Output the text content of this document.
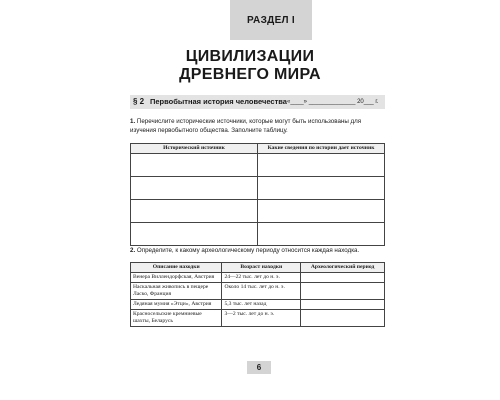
РАЗДЕЛ I
ЦИВИЛИЗАЦИИ
ДРЕВНЕГО МИРА
§ 2 Первобытная история человечества «____» ______________ 20___ г.
1. Перечислите исторические источники, которые могут быть использованы для изучения первобытного общества. Заполните таблицу.
Исторический источник	Какие сведения по истории дает источник

2. Определите, к какому археологическому периоду относится каждая находка.
Описание находки	Возраст находки	Археологический период
Венера Виллендорфская, Австрия	24—22 тыс. лет до н. э.	
Наскальная живопись в пещере Ласко, Франция	Около 14 тыс. лет до н. э.	
Ледяная мумия «Этци», Австрия	5,3 тыс. лет назад	
Красносельские кремниевые шахты, Беларусь	3—2 тыс. лет до н. э.	
6
